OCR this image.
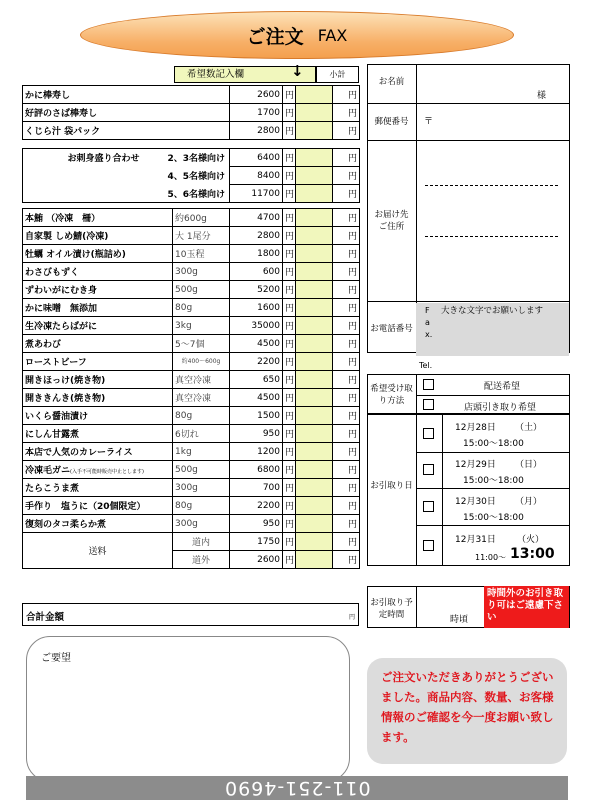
ご注文 FAX
希望数記入欄	↓	小計
かに棒寿し	2600	円		円
好評のさば棒寿し	1700	円		円
くじら汁 袋パック	2800	円		円
お刺身盛り合わせ 2、3名様向け	6400	円		円
4、5名様向け	8400	円		円
5、6名様向け	11700	円		円
本鮪 （冷凍　柵）	約600g	4700	円		円
自家製 しめ鯖(冷凍)	大 1尾分	2800	円		円
牡蠣 オイル漬け(瓶詰め)	10玉程	1800	円		円
わさびもずく	300g	600	円		円
ずわいがにむき身	500g	5200	円		円
かに味噌　無添加	80g	1600	円		円
生冷凍たらばがに	3kg	35000	円		円
煮あわび	5～7個	4500	円		円
ローストビーフ	約400～600g	2200	円		円
開きほっけ(焼き物)	真空冷凍	650	円		円
開ききんき(焼き物)	真空冷凍	4500	円		円
いくら醤油漬け	80g	1500	円		円
にしん甘露煮	6切れ	950	円		円
本店で人気のカレーライス	1kg	1200	円		円
冷凍毛ガニ(入手不可能時販売中止とします)	500g	6800	円		円
たらこうま煮	300g	700	円		円
手作り　塩うに（20個限定）	80g	2200	円		円
復刻のタコ柔らか煮	300g	950	円		円
送料	道内	1750	円		円
	道外	2600	円		円
合計金額	円
ご要望
お名前
様
郵便番号	〒
お届け先
ご住所
お電話番号
Fax.
大きな文字でお願いします
Tel.
希望受け取り方法
配送希望
店頭引き取り希望
お引取り日
12月28日 （土）
15:00～18:00
12月29日 （日）
15:00～18:00
12月30日 （月）
15:00～18:00
12月31日 （火）
11:00～ 13:00
お引取り予定時間	時頃
時間外のお引き取り可はご遠慮下さい
ご注文いただきありがとうございました。商品内容、数量、お客様情報のご確認を今一度お願い致します。
011-251-4690
